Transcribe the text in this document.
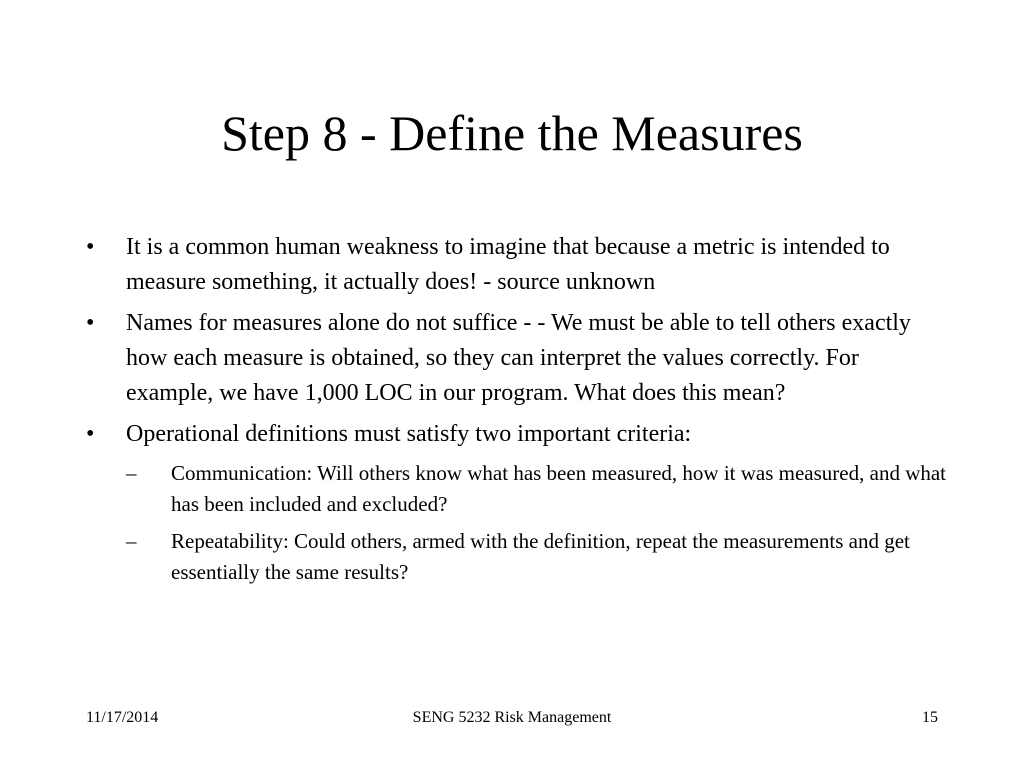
Step 8 - Define the Measures
•	It is a common human weakness to imagine that because a metric is intended to measure something, it actually does! - source unknown
•	Names for measures alone do not suffice - - We must be able to tell others exactly how each measure is obtained, so they can interpret the values correctly. For example, we have 1,000 LOC in our program. What does this mean?
•	Operational definitions must satisfy two important criteria:
–	Communication: Will others know what has been measured, how it was measured, and what has been included and excluded?
–	Repeatability: Could others, armed with the definition, repeat the measurements and get essentially the same results?
11/17/2014	SENG 5232 Risk Management	15
